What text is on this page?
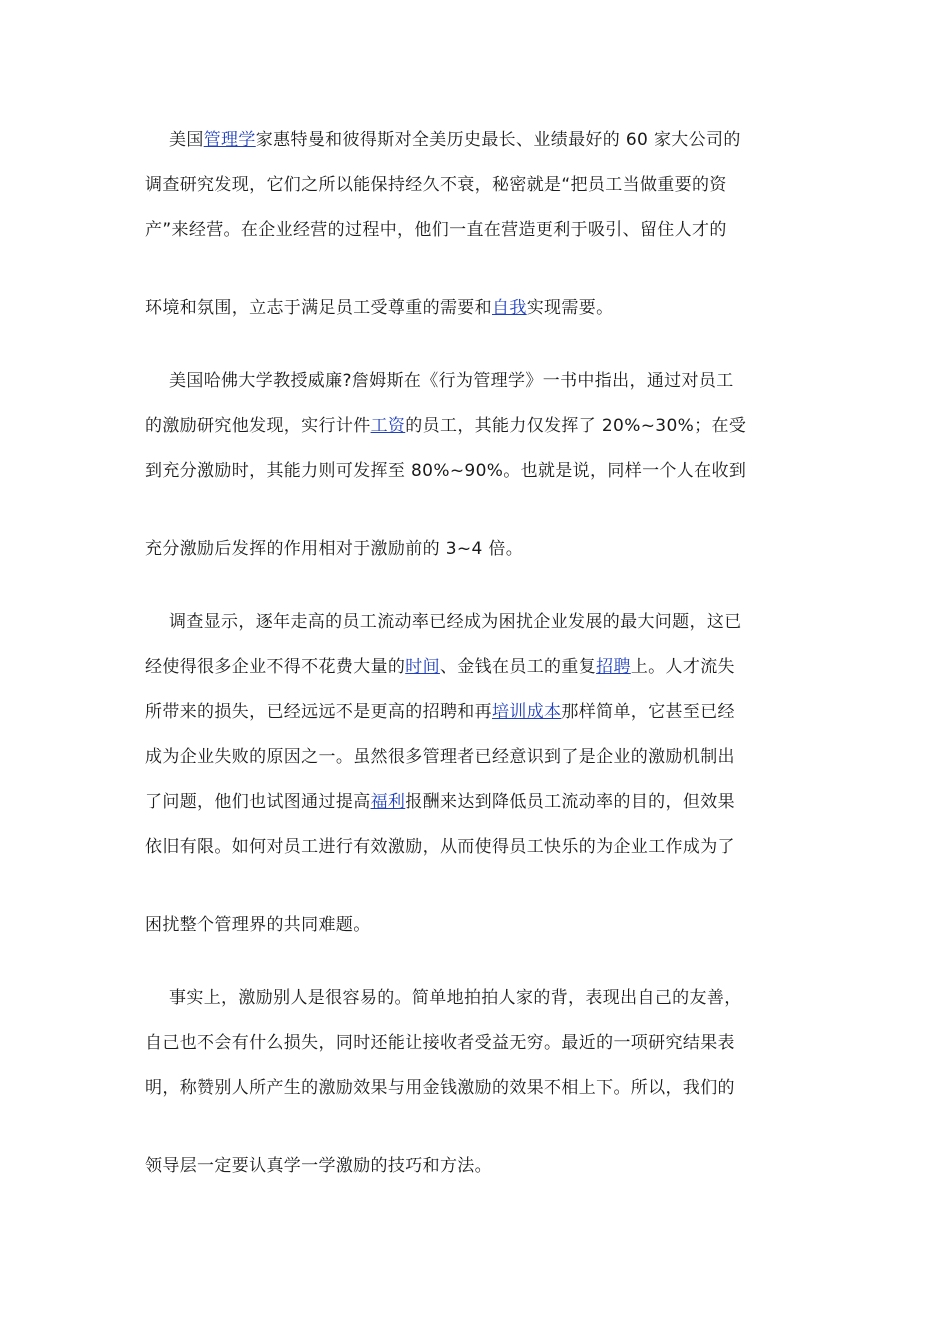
美国管理学家惠特曼和彼得斯对全美历史最长、业绩最好的 60 家大公司的
调查研究发现，它们之所以能保持经久不衰，秘密就是“把员工当做重要的资
产”来经营。在企业经营的过程中，他们一直在营造更利于吸引、留住人才的
环境和氛围，立志于满足员工受尊重的需要和自我实现需要。
美国哈佛大学教授威廉?詹姆斯在《行为管理学》一书中指出，通过对员工
的激励研究他发现，实行计件工资的员工，其能力仅发挥了 20%~30%；在受
到充分激励时，其能力则可发挥至 80%~90%。也就是说，同样一个人在收到
充分激励后发挥的作用相对于激励前的 3~4 倍。
调查显示，逐年走高的员工流动率已经成为困扰企业发展的最大问题，这已
经使得很多企业不得不花费大量的时间、金钱在员工的重复招聘上。人才流失
所带来的损失，已经远远不是更高的招聘和再培训成本那样简单，它甚至已经
成为企业失败的原因之一。虽然很多管理者已经意识到了是企业的激励机制出
了问题，他们也试图通过提高福利报酬来达到降低员工流动率的目的，但效果
依旧有限。如何对员工进行有效激励，从而使得员工快乐的为企业工作成为了
困扰整个管理界的共同难题。
事实上，激励别人是很容易的。简单地拍拍人家的背，表现出自己的友善，
自己也不会有什么损失，同时还能让接收者受益无穷。最近的一项研究结果表
明，称赞别人所产生的激励效果与用金钱激励的效果不相上下。所以，我们的
领导层一定要认真学一学激励的技巧和方法。
